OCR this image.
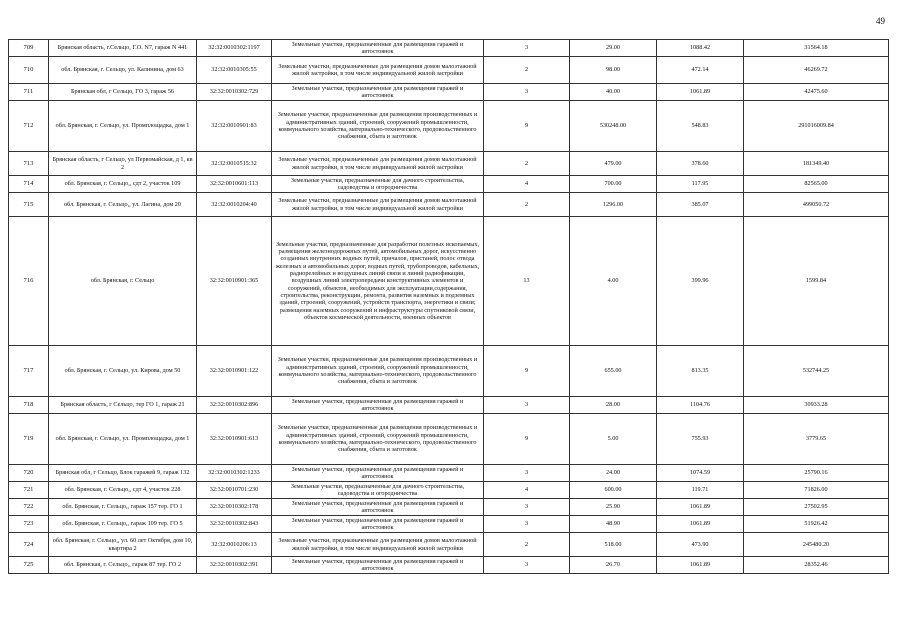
49
709	Брянская область, г.Сельцо, Г.О. N7, гараж N 441	32:32:0010302:1197	Земельные участки, предназначенные для размещения гаражей и автостоянок	3	29.00	1088.42	31564.18
710	обл. Брянская, г. Сельцо, ул. Калинина, дом 63	32:32:0010305:55	Земельные участки, предназначенные для размещения домов малоэтажной жилой застройки, в том числе индивидуальной жилой застройки	2	98.00	472.14	46269.72
711	Брянская обл, г Сельцо, ГО 3, гараж 56	32:32:0010302:729	Земельные участки, предназначенные для размещения гаражей и автостоянок	3	40.00	1061.89	42475.60
712	обл. Брянская, г. Сельцо, ул. Промплощадка, дом 1	32:32:0010901:83	Земельные участки, предназначенные для размещения производственных и административных зданий, строений, сооружений промышленности, коммунального хозяйства, материально-технического, продовольственного снабжения, сбыта и заготовок	9	530248.00	548.83	291016009.84
713	Брянская область, г Сельцо, ул Первомайская, д 1, кв 2	32:32:0010515:32	Земельные участки, предназначенные для размещения домов малоэтажной жилой застройки, в том числе индивидуальной жилой застройки	2	479.00	378.60	181349.40
714	обл. Брянская, г. Сельцо,, сдт 2, участок 109	32:32:0010601:113	Земельные участки, предназначенные для дачного строительства, садоводства и огородничества	4	700.00	117.95	82565.00
715	обл. Брянская, г. Сельцо,, ул. Лагина, дом 20	32:32:0010204:40	Земельные участки, предназначенные для размещения домов малоэтажной жилой застройки, в том числе индивидуальной жилой застройки	2	1296.00	385.07	499050.72
716	обл. Брянская, г. Сельцо	32:32:0010901:365	Земельные участки, предназначенные для разработки полезных ископаемых, размещения железнодорожных путей, автомобильных дорог, искусственно созданных внутренних водных путей, причалов, пристаней, полос отвода железных и автомобильных дорог, водных путей, трубопроводов, кабельных, радиорелейных и воздушных линий связи и линий радиофикации, воздушных линий электропередачи конструктивных элементов и сооружений, объектов, необходимых для эксплуатации,содержания, строительства, реконструкции, ремонта, развития наземных и подземных зданий, строений, сооружений, устройств транспорта, энергетики и связи; размещения наземных сооружений и инфраструктуры спутниковой связи, объектов космической деятельности, военных объектов	13	4.00	399.96	1599.84
717	обл. Брянская, г. Сельцо, ул. Кирова, дом 50	32:32:0010901:122	Земельные участки, предназначенные для размещения производственных и административных зданий, строений, сооружений промышленности, коммунального хозяйства, материально-технического, продовольственного снабжения, сбыта и заготовок	9	655.00	813.35	532744.25
718	Брянская область, г Сельцо, тер ГО 1, гараж 21	32:32:0010302:896	Земельные участки, предназначенные для размещения гаражей и автостоянок	3	28.00	1104.76	30933.28
719	обл. Брянская, г. Сельцо, ул. Промплощадка, дом 1	32:32:0010901:613	Земельные участки, предназначенные для размещения производственных и административных зданий, строений, сооружений промышленности, коммунального хозяйства, материально-технического, продовольственного снабжения, сбыта и заготовок	9	5.00	755.93	3779.65
720	Брянская обл, г Сельцо, Блок гаражей 9, гараж 132	32:32:0010302:1233	Земельные участки, предназначенные для размещения гаражей и автостоянок	3	24.00	1074.59	25790.16
721	обл. Брянская, г. Сельцо,, сдт 4, участок 228	32:32:0010701:230	Земельные участки, предназначенные для дачного строительства, садоводства и огородничества	4	600.00	119.71	71826.00
722	обл. Брянская, г. Сельцо,, гараж 157 тер. ГО 1	32:32:0010302:178	Земельные участки, предназначенные для размещения гаражей и автостоянок	3	25.90	1061.89	27502.95
723	обл. Брянская, г. Сельцо,, гараж 109 тер. ГО 5	32:32:0010302:843	Земельные участки, предназначенные для размещения гаражей и автостоянок	3	48.90	1061.89	51926.42
724	обл. Брянская, г. Сельцо,, ул. 60 лет Октября, дом 10, квартира 2	32:32:0010206:13	Земельные участки, предназначенные для размещения домов малоэтажной жилой застройки, в том числе индивидуальной жилой застройки	2	518.00	473.90	245480.20
725	обл. Брянская, г. Сельцо,, гараж 87 тер. ГО 2	32:32:0010302:391	Земельные участки, предназначенные для размещения гаражей и автостоянок	3	26.70	1061.89	28352.46
